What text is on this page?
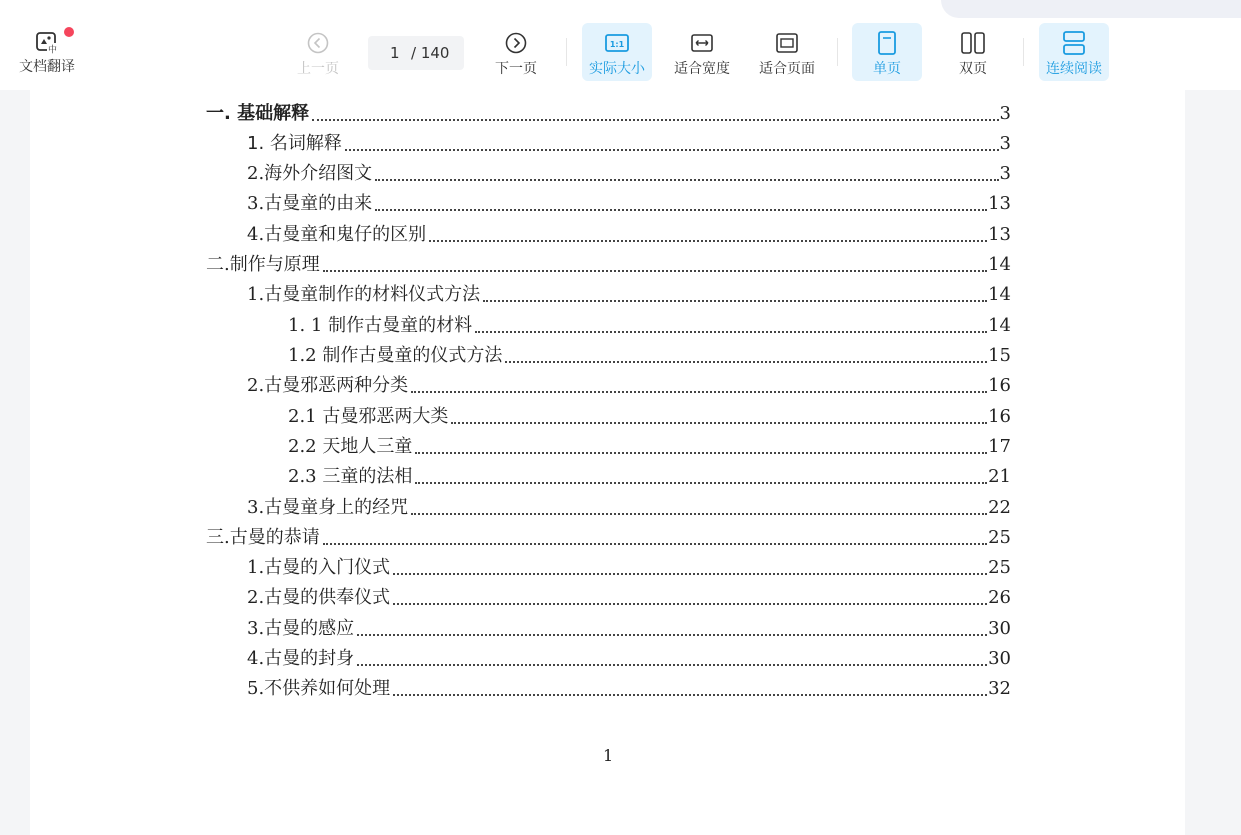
中
文档翻译	上一页
1 / 140
下一页
1:1
实际大小 适合宽度 适合页面	单页	双页	连续阅读
一. 基础解释	3
1. 名词解释	3
2.海外介绍图文	3
3.古曼童的由来	13
4.古曼童和鬼仔的区别	13
二.制作与原理	14
1.古曼童制作的材料仪式方法	14
1. 1 制作古曼童的材料	14
1.2 制作古曼童的仪式方法	15
2.古曼邪恶两种分类	16
2.1 古曼邪恶两大类	16
2.2 天地人三童	17
2.3 三童的法相	21
3.古曼童身上的经咒	22
三.古曼的恭请	25
1.古曼的入门仪式	25
2.古曼的供奉仪式	26
3.古曼的感应	30
4.古曼的封身	30
5.不供养如何处理	32
1
